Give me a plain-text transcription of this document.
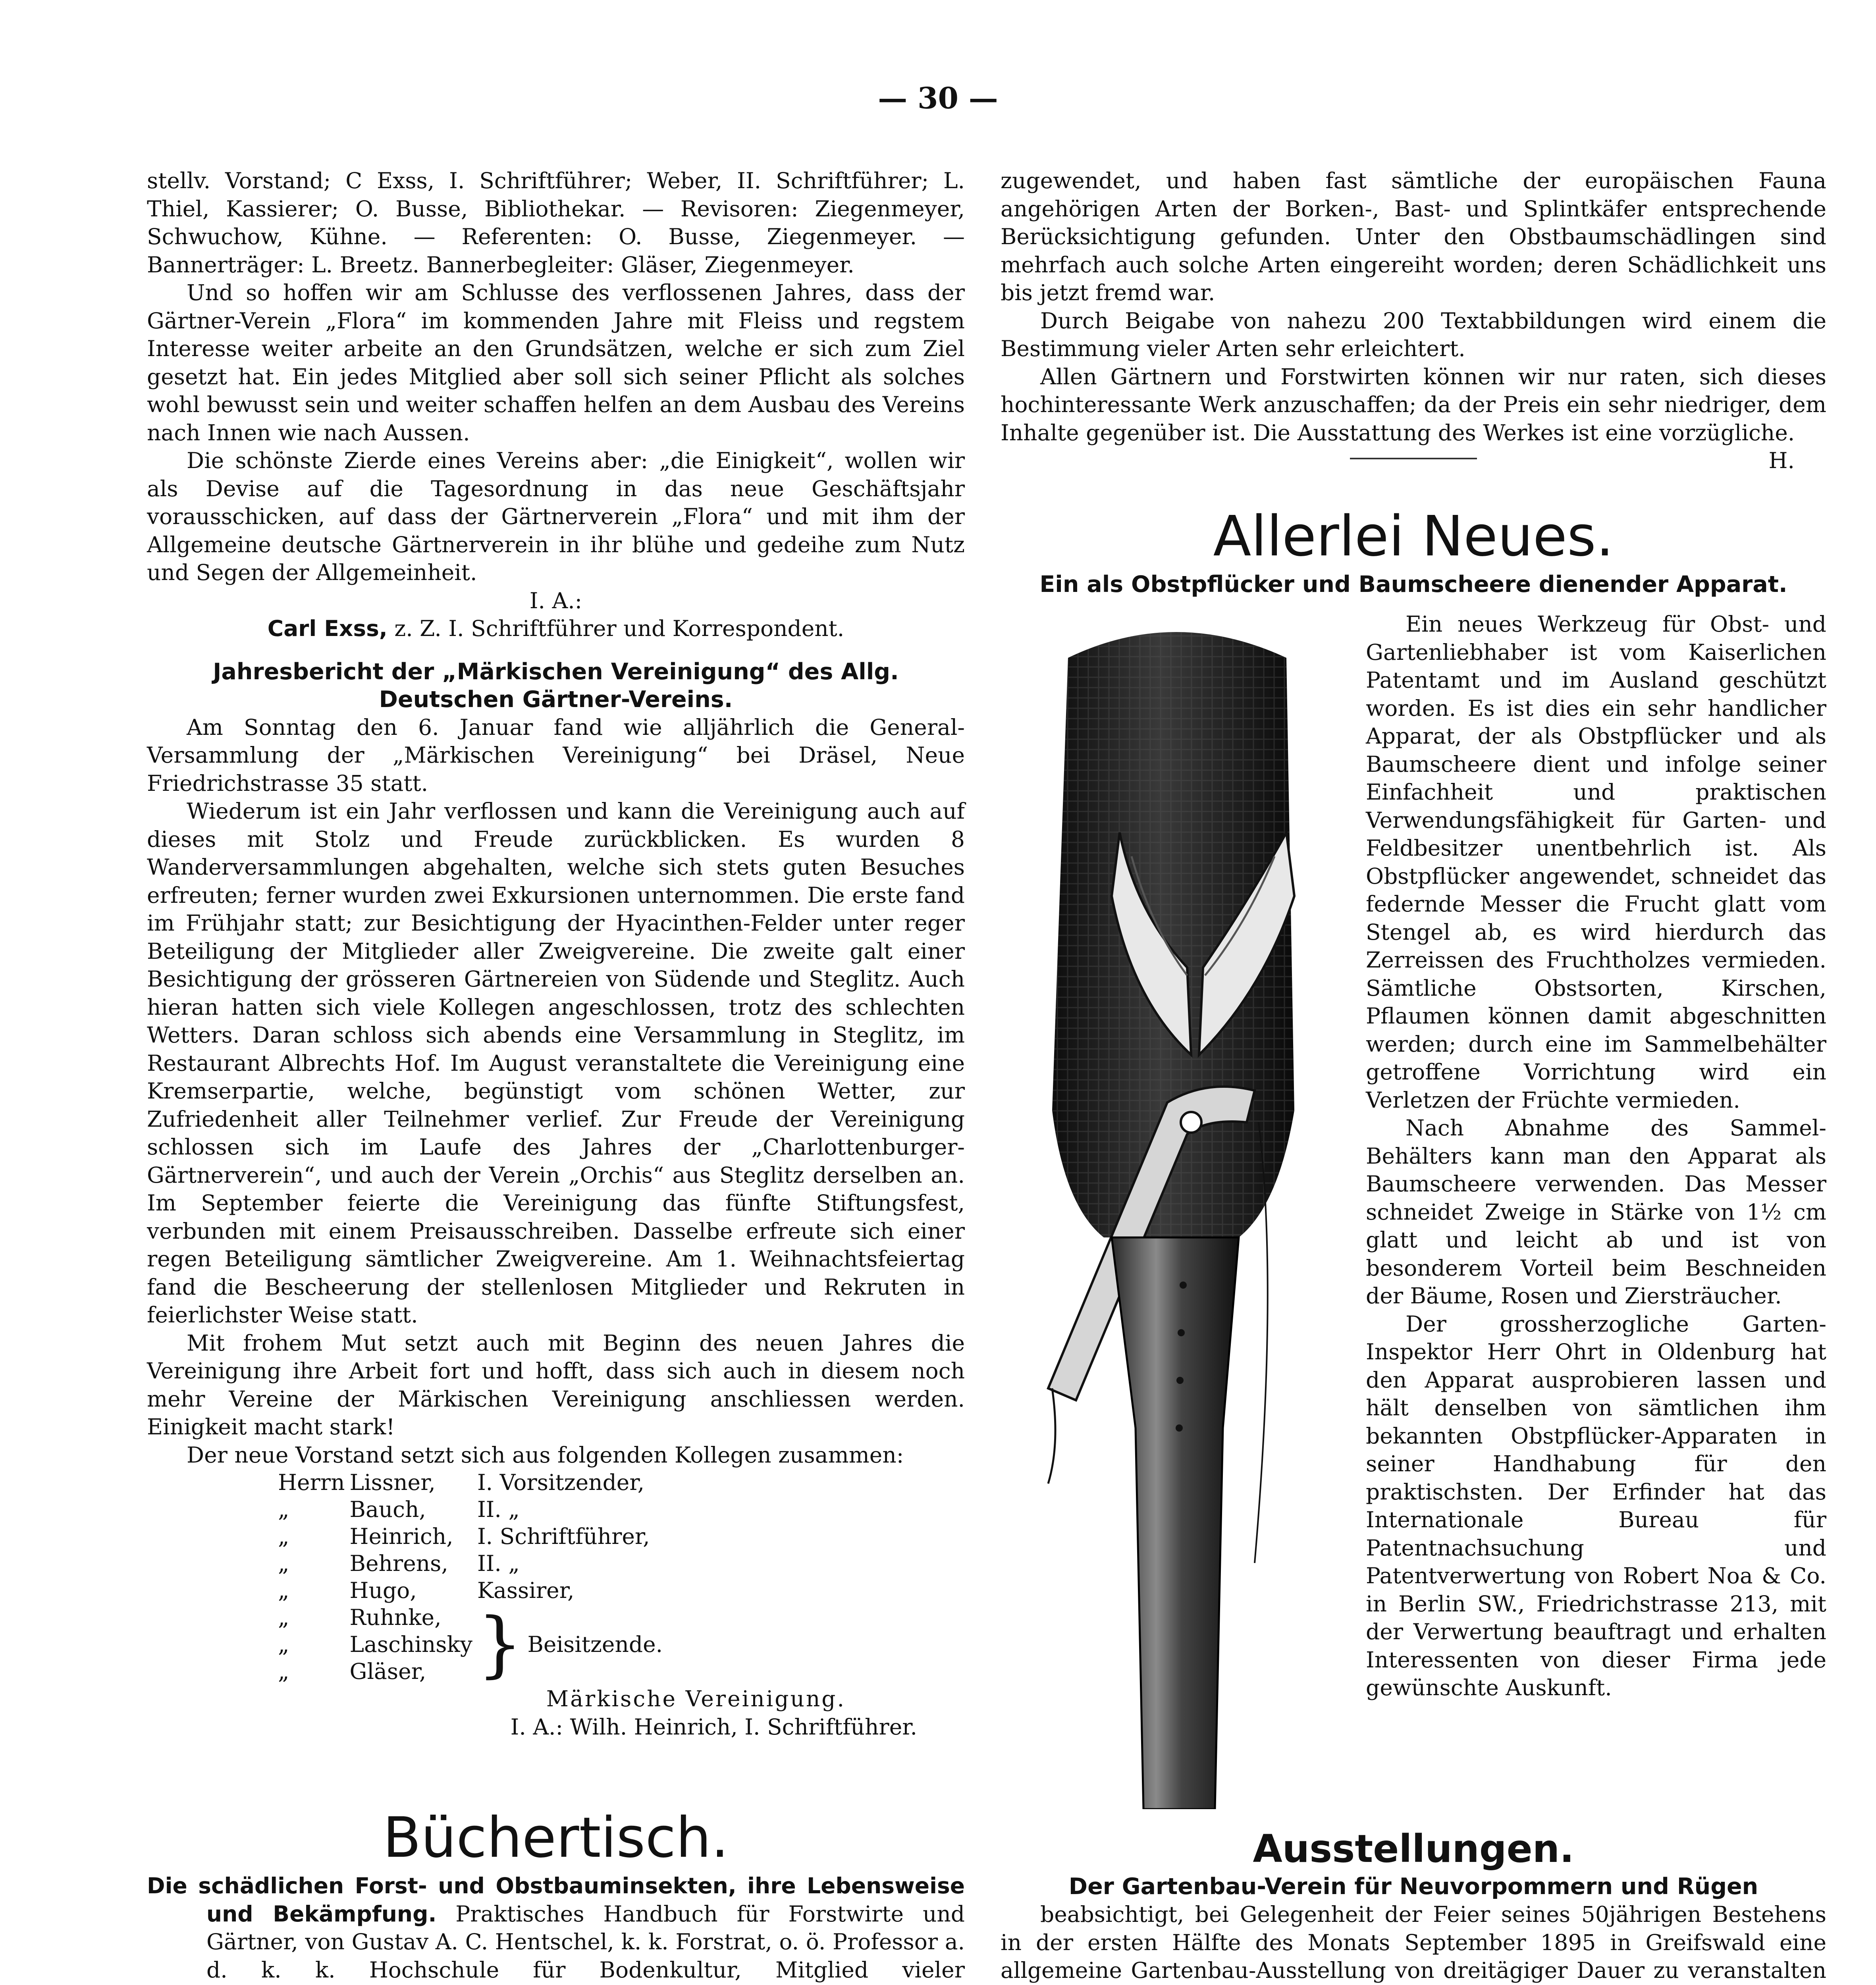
— 30 —

stellv. Vorstand; C Exss, I. Schriftführer; Weber, II. Schriftführer; L. Thiel, Kassierer; O. Busse, Bibliothekar. — Revisoren: Ziegenmeyer, Schwuchow, Kühne. — Referenten: O. Busse, Ziegenmeyer. — Bannerträger: L. Breetz. Bannerbegleiter: Gläser, Ziegenmeyer.

Und so hoffen wir am Schlusse des verflossenen Jahres, dass der Gärtner-Verein „Flora“ im kommenden Jahre mit Fleiss und regstem Interesse weiter arbeite an den Grundsätzen, welche er sich zum Ziel gesetzt hat. Ein jedes Mitglied aber soll sich seiner Pflicht als solches wohl bewusst sein und weiter schaffen helfen an dem Ausbau des Vereins nach Innen wie nach Aussen.

Die schönste Zierde eines Vereins aber: „die Einigkeit“, wollen wir als Devise auf die Tagesordnung in das neue Geschäftsjahr vorausschicken, auf dass der Gärtnerverein „Flora“ und mit ihm der Allgemeine deutsche Gärtnerverein in ihr blühe und gedeihe zum Nutz und Segen der Allgemeinheit.

I. A.:

Carl Exss, z. Z. I. Schriftführer und Korrespondent.

Jahresbericht der „Märkischen Vereinigung“ des Allg. Deutschen Gärtner-Vereins.

Am Sonntag den 6. Januar fand wie alljährlich die General-Versammlung der „Märkischen Vereinigung“ bei Dräsel, Neue Friedrichstrasse 35 statt.

Wiederum ist ein Jahr verflossen und kann die Vereinigung auch auf dieses mit Stolz und Freude zurückblicken. Es wurden 8 Wanderversammlungen abgehalten, welche sich stets guten Besuches erfreuten; ferner wurden zwei Exkursionen unternommen. Die erste fand im Frühjahr statt; zur Besichtigung der Hyacinthen-Felder unter reger Beteiligung der Mitglieder aller Zweigvereine. Die zweite galt einer Besichtigung der grösseren Gärtnereien von Südende und Steglitz. Auch hieran hatten sich viele Kollegen angeschlossen, trotz des schlechten Wetters. Daran schloss sich abends eine Versammlung in Steglitz, im Restaurant Albrechts Hof. Im August veranstaltete die Vereinigung eine Kremserpartie, welche, begünstigt vom schönen Wetter, zur Zufriedenheit aller Teilnehmer verlief. Zur Freude der Vereinigung schlossen sich im Laufe des Jahres der „Charlottenburger-Gärtnerverein“, und auch der Verein „Orchis“ aus Steglitz derselben an. Im September feierte die Vereinigung das fünfte Stiftungsfest, verbunden mit einem Preisausschreiben. Dasselbe erfreute sich einer regen Beteiligung sämtlicher Zweigvereine. Am 1. Weihnachtsfeiertag fand die Bescheerung der stellenlosen Mitglieder und Rekruten in feierlichster Weise statt.

Mit frohem Mut setzt auch mit Beginn des neuen Jahres die Vereinigung ihre Arbeit fort und hofft, dass sich auch in diesem noch mehr Vereine der Märkischen Vereinigung anschliessen werden. Einigkeit macht stark!

Der neue Vorstand setzt sich aus folgenden Kollegen zusammen:

Herrn	Lissner,	I. Vorsitzender,	
„	Bauch,	II. „	
„	Heinrich,	I. Schriftführer,	
„	Behrens,	II. „	
„	Hugo,	Kassirer,	
„	Ruhnke,	}	Beisitzende.
„	Laschinsky		
„	Gläser,		

Märkische Vereinigung.

I. A.: Wilh. Heinrich, I. Schriftführer.

Büchertisch.

Die schädlichen Forst- und Obstbauminsekten, ihre Lebensweise und Bekämpfung. Praktisches Handbuch für Forstwirte und Gärtner, von Gustav A. C. Hentschel, k. k. Forstrat, o. ö. Professor a. d. k. k. Hochschule für Bodenkultur, Mitglied vieler

zugewendet, und haben fast sämtliche der europäischen Fauna angehörigen Arten der Borken-, Bast- und Splintkäfer entsprechende Berücksichtigung gefunden. Unter den Obstbaumschädlingen sind mehrfach auch solche Arten eingereiht worden; deren Schädlichkeit uns bis jetzt fremd war.

Durch Beigabe von nahezu 200 Textabbildungen wird einem die Bestimmung vieler Arten sehr erleichtert.

Allen Gärtnern und Forstwirten können wir nur raten, sich dieses hochinteressante Werk anzuschaffen; da der Preis ein sehr niedriger, dem Inhalte gegenüber ist. Die Ausstattung des Werkes ist eine vorzügliche.
H.

Allerlei Neues.

Ein als Obstpflücker und Baumscheere dienender Apparat.

Ein neues Werkzeug für Obst- und Gartenliebhaber ist vom Kaiserlichen Patentamt und im Ausland geschützt worden. Es ist dies ein sehr handlicher Apparat, der als Obstpflücker und als Baumscheere dient und infolge seiner Einfachheit und praktischen Verwendungsfähigkeit für Garten- und Feldbesitzer unentbehrlich ist. Als Obstpflücker angewendet, schneidet das federnde Messer die Frucht glatt vom Stengel ab, es wird hierdurch das Zerreissen des Fruchtholzes vermieden. Sämtliche Obstsorten, Kirschen, Pflaumen können damit abgeschnitten werden; durch eine im Sammelbehälter getroffene Vorrichtung wird ein Verletzen der Früchte vermieden.

Nach Abnahme des Sammel-Behälters kann man den Apparat als Baumscheere verwenden. Das Messer schneidet Zweige in Stärke von 1½ cm glatt und leicht ab und ist von besonderem Vorteil beim Beschneiden der Bäume, Rosen und Ziersträucher.

Der grossherzogliche Garten-Inspektor Herr Ohrt in Oldenburg hat den Apparat ausprobieren lassen und hält denselben von sämtlichen ihm bekannten Obstpflücker-Apparaten in seiner Handhabung für den praktischsten. Der Erfinder hat das Internationale Bureau für Patentnachsuchung und Patentverwertung von Robert Noa & Co. in Berlin SW., Friedrichstrasse 213, mit der Verwertung beauftragt und erhalten Interessenten von dieser Firma jede gewünschte Auskunft.

Ausstellungen.

Der Gartenbau-Verein für Neuvorpommern und Rügen

beabsichtigt, bei Gelegenheit der Feier seines 50jährigen Bestehens in der ersten Hälfte des Monats September 1895 in Greifswald eine allgemeine Gartenbau-Ausstellung von dreitägiger Dauer zu veranstalten
